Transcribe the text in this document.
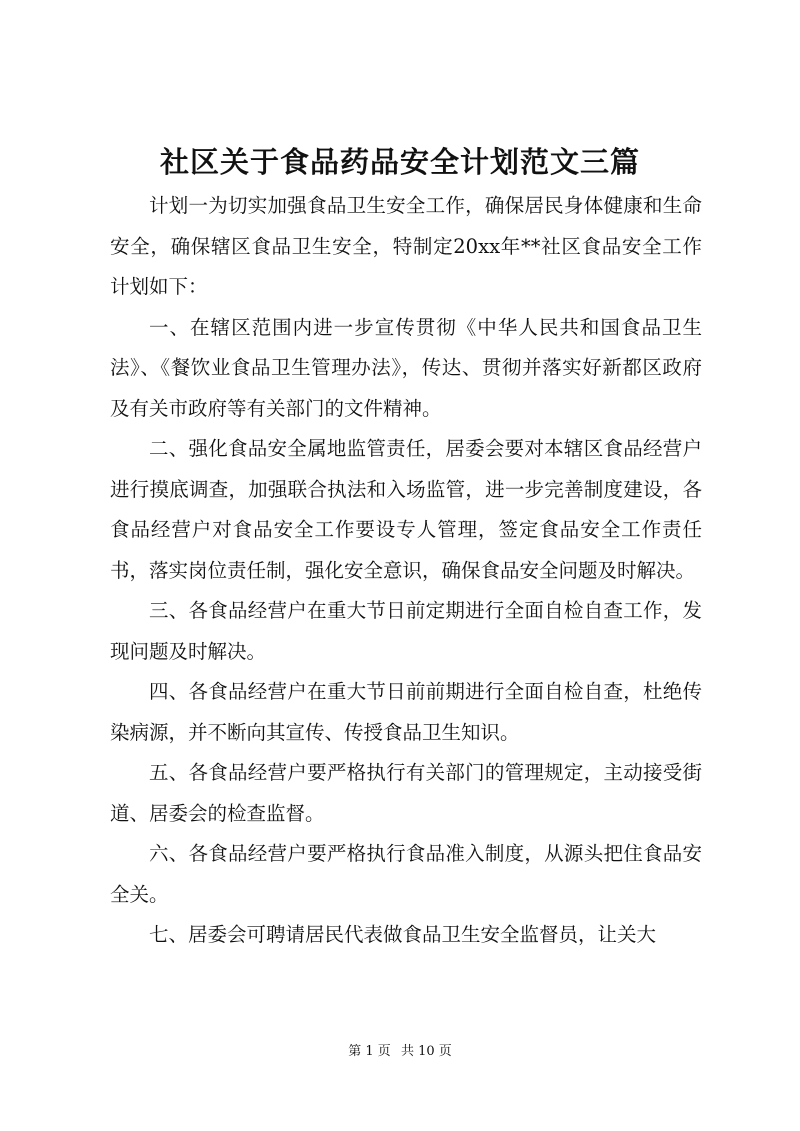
社区关于食品药品安全计划范文三篇

计划一为切实加强食品卫生安全工作，确保居民身体健康和生命安全，确保辖区食品卫生安全，特制定20xx年**社区食品安全工作计划如下：

一、在辖区范围内进一步宣传贯彻《中华人民共和国食品卫生法》、《餐饮业食品卫生管理办法》，传达、贯彻并落实好新都区政府及有关市政府等有关部门的文件精神。

二、强化食品安全属地监管责任，居委会要对本辖区食品经营户进行摸底调查，加强联合执法和入场监管，进一步完善制度建设，各食品经营户对食品安全工作要设专人管理，签定食品安全工作责任书，落实岗位责任制，强化安全意识，确保食品安全问题及时解决。

三、各食品经营户在重大节日前定期进行全面自检自查工作，发现问题及时解决。

四、各食品经营户在重大节日前前期进行全面自检自查，杜绝传染病源，并不断向其宣传、传授食品卫生知识。

五、各食品经营户要严格执行有关部门的管理规定，主动接受街道、居委会的检查监督。

六、各食品经营户要严格执行食品准入制度，从源头把住食品安全关。

七、居委会可聘请居民代表做食品卫生安全监督员，让关大

第 1 页 共 10 页
